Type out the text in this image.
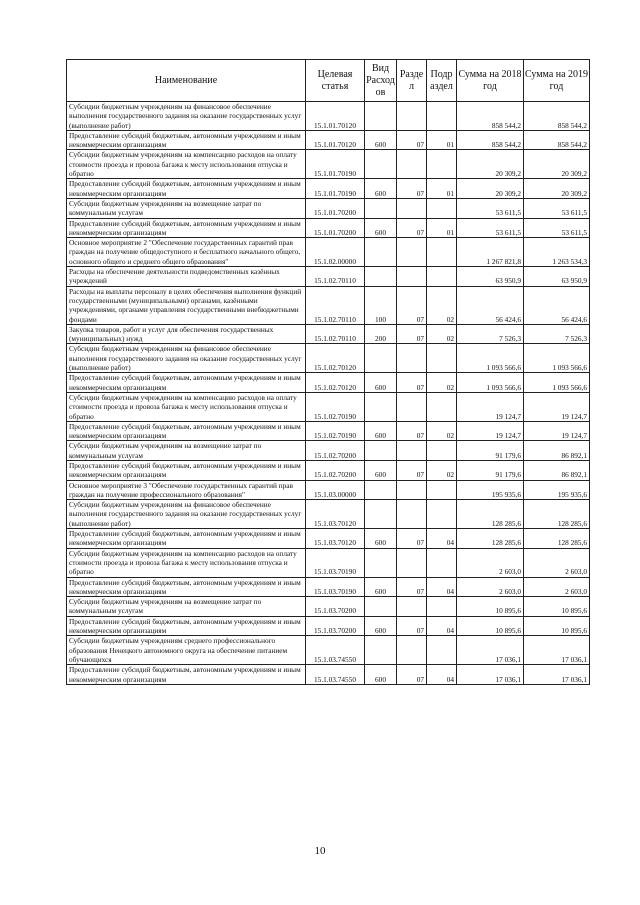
Наименование	Целевая статья	Вид Расход ов	Разде л	Подр аздел	Сумма на 2018 год	Сумма на 2019 год
Субсидии бюджетным учреждениям на финансовое обеспечение выполнения государственного задания на оказание государственных услуг (выполнение работ)	15.1.01.70120				858 544,2	858 544,2
Предоставление субсидий бюджетным, автономным учреждениям и иным некоммерческим организациям	15.1.01.70120	600	07	01	858 544,2	858 544,2
Субсидии бюджетным учреждениям на компенсацию расходов на оплату стоимости проезда и провоза багажа к месту использования отпуска и обратно	15.1.01.70190				20 309,2	20 309,2
Предоставление субсидий бюджетным, автономным учреждениям и иным некоммерческим организациям	15.1.01.70190	600	07	01	20 309,2	20 309,2
Субсидии бюджетным учреждениям на возмещение затрат по коммунальным услугам	15.1.01.70200				53 611,5	53 611,5
Предоставление субсидий бюджетным, автономным учреждениям и иным некоммерческим организациям	15.1.01.70200	600	07	01	53 611,5	53 611,5
Основное мероприятие 2 "Обеспечение государственных гарантий прав граждан на получение общедоступного и бесплатного начального общего, основного общего и среднего общего образования"	15.1.02.00000				1 267 821,8	1 263 534,3
Расходы на обеспечение деятельности подведомственных казённых учреждений	15.1.02.70110				63 950,9	63 950,9
Расходы на выплаты персоналу в целях обеспечения выполнения функций государственными (муниципальными) органами, казёнными учреждениями, органами управления государственными внебюджетными фондами	15.1.02.70110	100	07	02	56 424,6	56 424,6
Закупка товаров, работ и услуг для обеспечения государственных (муниципальных) нужд	15.1.02.70110	200	07	02	7 526,3	7 526,3
Субсидии бюджетным учреждениям на финансовое обеспечение выполнения государственного задания на оказание государственных услуг (выполнение работ)	15.1.02.70120				1 093 566,6	1 093 566,6
Предоставление субсидий бюджетным, автономным учреждениям и иным некоммерческим организациям	15.1.02.70120	600	07	02	1 093 566,6	1 093 566,6
Субсидии бюджетным учреждениям на компенсацию расходов на оплату стоимости проезда и провоза багажа к месту использования отпуска и обратно	15.1.02.70190				19 124,7	19 124,7
Предоставление субсидий бюджетным, автономным учреждениям и иным некоммерческим организациям	15.1.02.70190	600	07	02	19 124,7	19 124,7
Субсидии бюджетным учреждениям на возмещение затрат по коммунальным услугам	15.1.02.70200				91 179,6	86 892,1
Предоставление субсидий бюджетным, автономным учреждениям и иным некоммерческим организациям	15.1.02.70200	600	07	02	91 179,6	86 892,1
Основное мероприятие 3 "Обеспечение государственных гарантий прав граждан на получение профессионального образования"	15.1.03.00000				195 935,6	195 935,6
Субсидии бюджетным учреждениям на финансовое обеспечение выполнения государственного задания на оказание государственных услуг (выполнение работ)	15.1.03.70120				128 285,6	128 285,6
Предоставление субсидий бюджетным, автономным учреждениям и иным некоммерческим организациям	15.1.03.70120	600	07	04	128 285,6	128 285,6
Субсидии бюджетным учреждениям на компенсацию расходов на оплату стоимости проезда и провоза багажа к месту использования отпуска и обратно	15.1.03.70190				2 603,0	2 603,0
Предоставление субсидий бюджетным, автономным учреждениям и иным некоммерческим организациям	15.1.03.70190	600	07	04	2 603,0	2 603,0
Субсидии бюджетным учреждениям на возмещение затрат по коммунальным услугам	15.1.03.70200				10 895,6	10 895,6
Предоставление субсидий бюджетным, автономным учреждениям и иным некоммерческим организациям	15.1.03.70200	600	07	04	10 895,6	10 895,6
Субсидии бюджетным учреждениям среднего профессионального образования Ненецкого автономного округа на обеспечение питанием обучающихся	15.1.03.74550				17 036,1	17 036,1
Предоставление субсидий бюджетным, автономным учреждениям и иным некоммерческим организациям	15.1.03.74550	600	07	04	17 036,1	17 036,1
10
